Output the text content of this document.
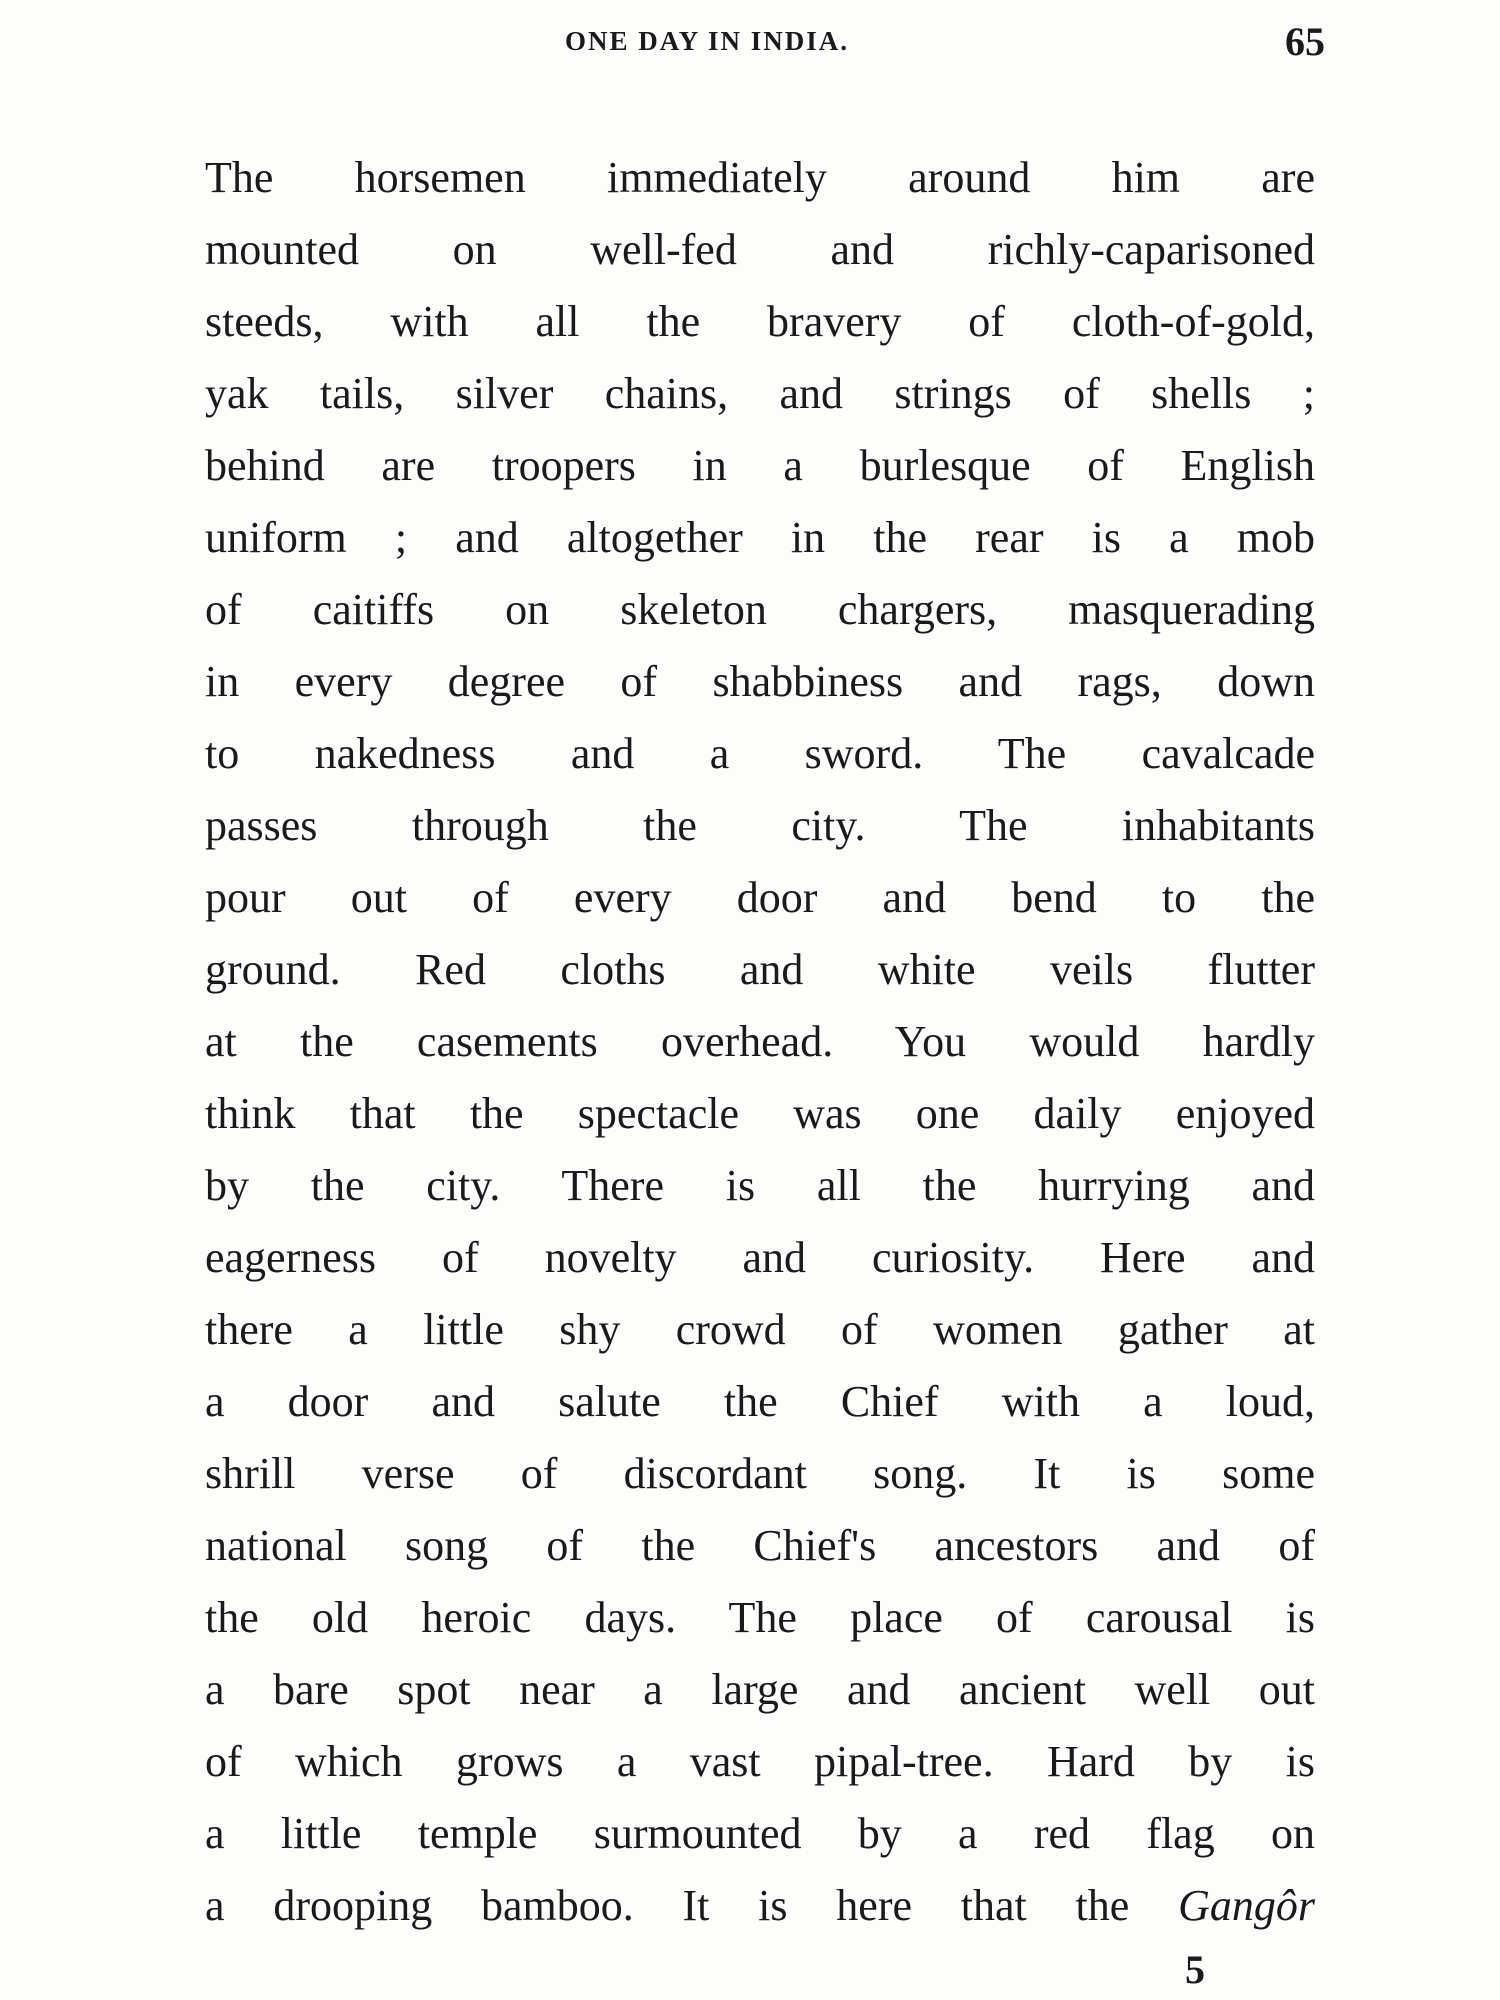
ONE DAY IN INDIA.	65
The horsemen immediately around him are
mounted on well-fed and richly-caparisoned
steeds, with all the bravery of cloth-of-gold,
yak tails, silver chains, and strings of shells ;
behind are troopers in a burlesque of English
uniform ; and altogether in the rear is a mob
of caitiffs on skeleton chargers, masquerading
in every degree of shabbiness and rags, down
to nakedness and a sword. The cavalcade
passes through the city. The inhabitants
pour out of every door and bend to the
ground. Red cloths and white veils flutter
at the casements overhead. You would hardly
think that the spectacle was one daily enjoyed
by the city. There is all the hurrying and
eagerness of novelty and curiosity. Here and
there a little shy crowd of women gather at
a door and salute the Chief with a loud,
shrill verse of discordant song. It is some
national song of the Chief's ancestors and of
the old heroic days. The place of carousal is
a bare spot near a large and ancient well out
of which grows a vast pipal-tree. Hard by is
a little temple surmounted by a red flag on
a drooping bamboo. It is here that the Gangôr
5
